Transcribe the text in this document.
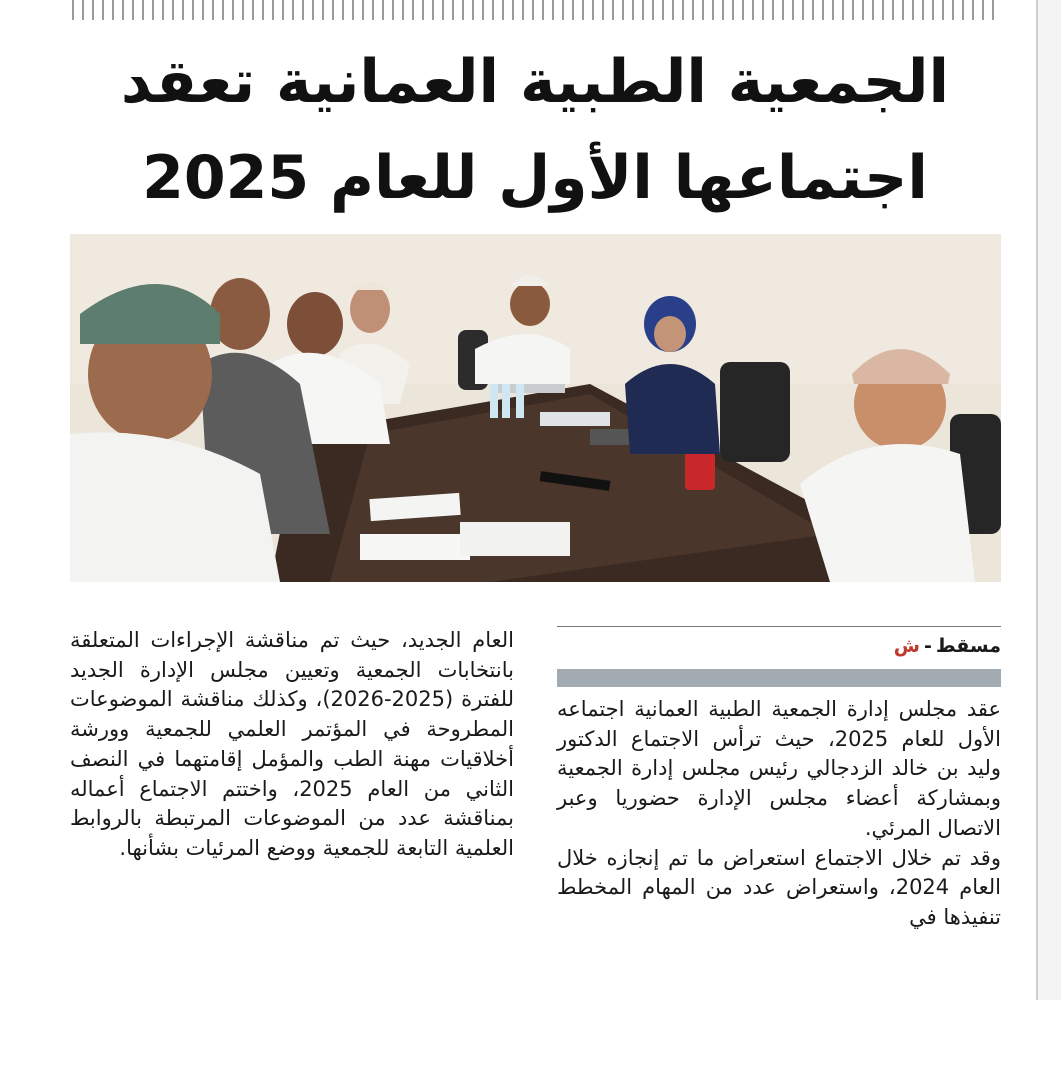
الجمعية الطبية العمانية تعقد اجتماعها الأول للعام 2025
مسقط-ش

عقد مجلس إدارة الجمعية الطبية العمانية اجتماعه الأول للعام 2025، حيث ترأس الاجتماع الدكتور وليد بن خالد الزدجالي رئيس مجلس إدارة الجمعية وبمشاركة أعضاء مجلس الإدارة حضوريا وعبر الاتصال المرئي.

وقد تم خلال الاجتماع استعراض ما تم إنجازه خلال العام 2024، واستعراض عدد من المهام المخطط تنفيذها في

العام الجديد، حيث تم مناقشة الإجراءات المتعلقة بانتخابات الجمعية وتعيين مجلس الإدارة الجديد للفترة (2025-2026)، وكذلك مناقشة الموضوعات المطروحة في المؤتمر العلمي للجمعية وورشة أخلاقيات مهنة الطب والمؤمل إقامتهما في النصف الثاني من العام 2025، واختتم الاجتماع أعماله بمناقشة عدد من الموضوعات المرتبطة بالروابط العلمية التابعة للجمعية ووضع المرئيات بشأنها.
